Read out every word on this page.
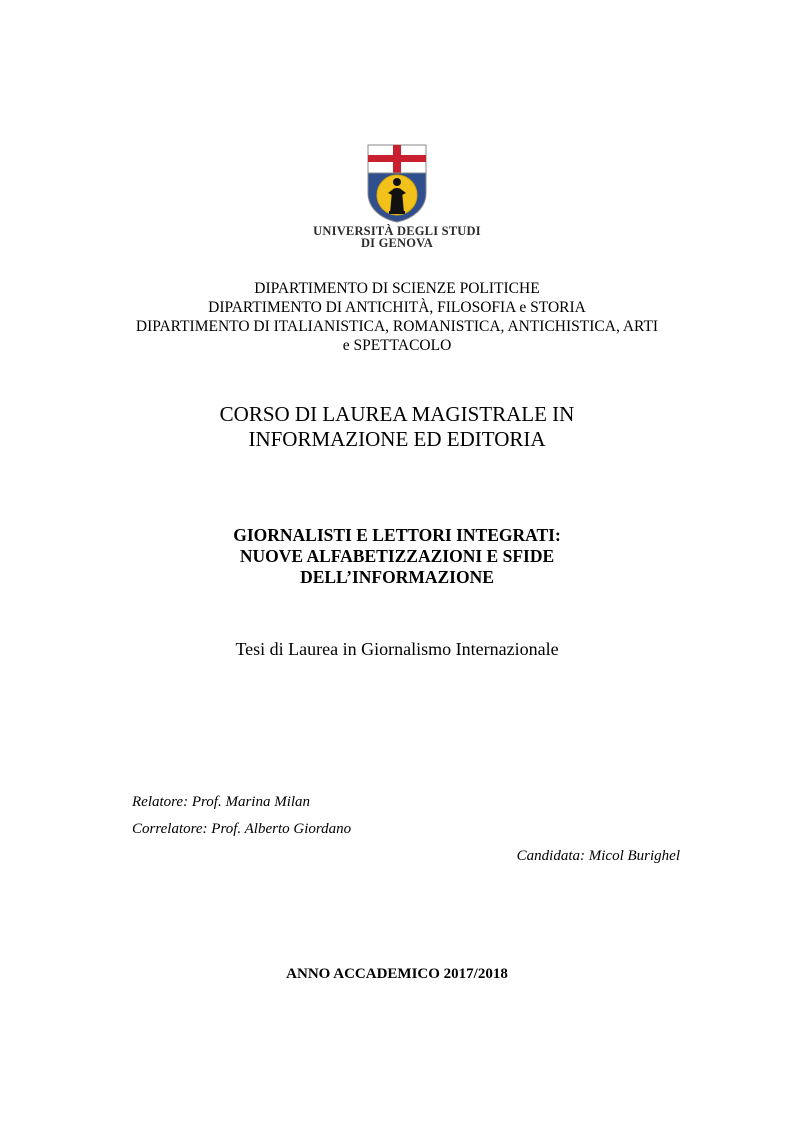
UNIVERSITÀ DEGLI STUDI
DI GENOVA
DIPARTIMENTO DI SCIENZE POLITICHE
DIPARTIMENTO DI ANTICHITÀ, FILOSOFIA e STORIA
DIPARTIMENTO DI ITALIANISTICA, ROMANISTICA, ANTICHISTICA, ARTI
e SPETTACOLO
CORSO DI LAUREA MAGISTRALE IN
INFORMAZIONE ED EDITORIA
GIORNALISTI E LETTORI INTEGRATI:
NUOVE ALFABETIZZAZIONI E SFIDE
DELL’INFORMAZIONE
Tesi di Laurea in Giornalismo Internazionale
Relatore: Prof. Marina Milan
Correlatore: Prof. Alberto Giordano
Candidata: Micol Burighel
ANNO ACCADEMICO 2017/2018
